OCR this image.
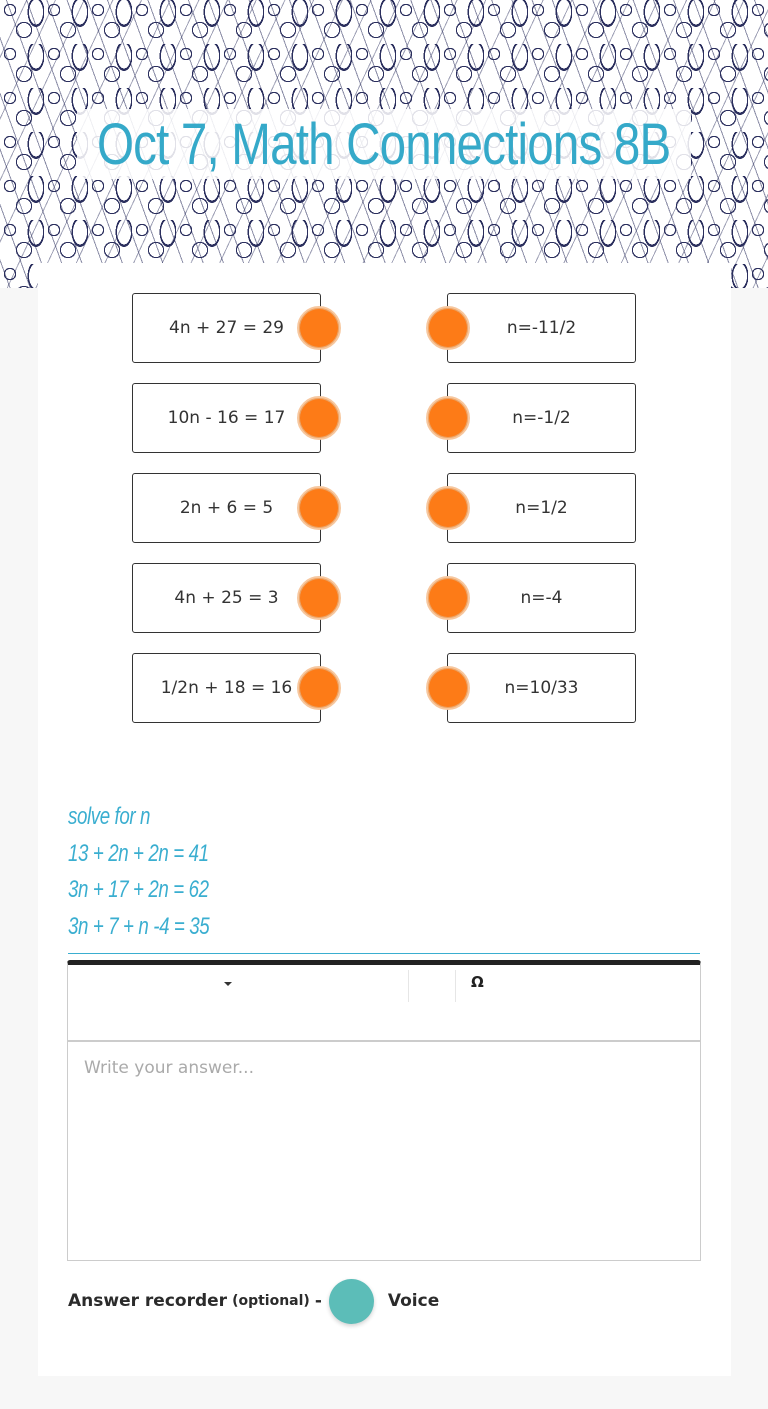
Oct 7, Math Connections 8B
4n + 27 = 29
10n - 16 = 17
2n + 6 = 5
4n + 25 = 3
1/2n + 18 = 16
n=-11/2
n=-1/2
n=1/2
n=-4
n=10/33
solve for n
13 + 2n + 2n = 41
3n + 17 + 2n = 62
3n + 7 + n -4 = 35
Ω
Write your answer...
Answer recorder (optional) -	Voice
